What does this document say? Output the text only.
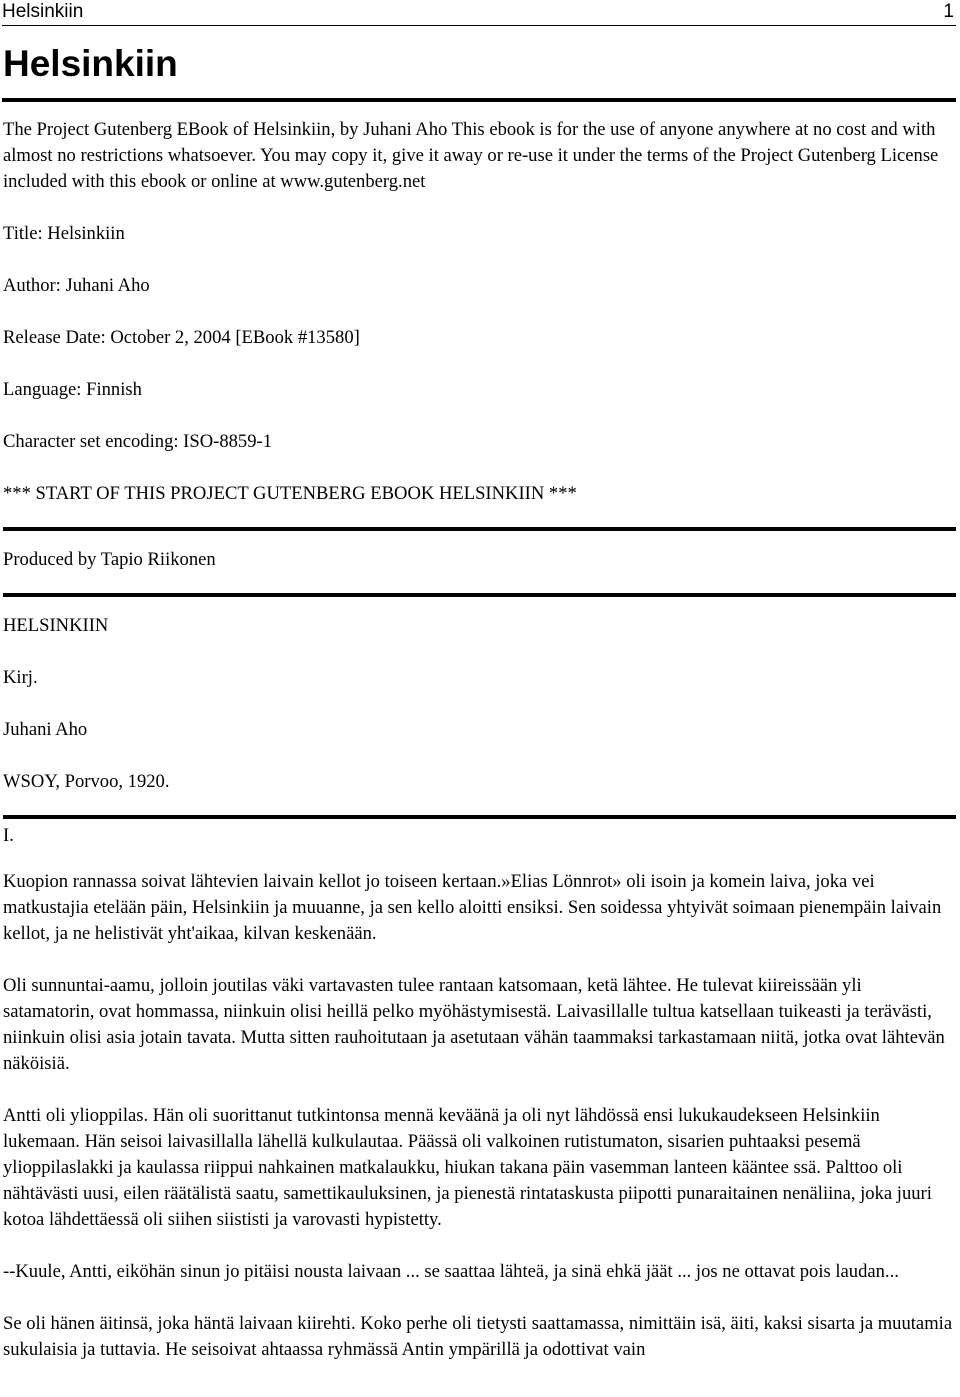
Helsinkiin	1
Helsinkiin
The Project Gutenberg EBook of Helsinkiin, by Juhani Aho This ebook is for the use of anyone anywhere at no cost and with almost no restrictions whatsoever. You may copy it, give it away or re-use it under the terms of the Project Gutenberg License included with this ebook or online at www.gutenberg.net
Title: Helsinkiin
Author: Juhani Aho
Release Date: October 2, 2004 [EBook #13580]
Language: Finnish
Character set encoding: ISO-8859-1
*** START OF THIS PROJECT GUTENBERG EBOOK HELSINKIIN ***
Produced by Tapio Riikonen
HELSINKIIN
Kirj.
Juhani Aho
WSOY, Porvoo, 1920.
I.
Kuopion rannassa soivat lähtevien laivain kellot jo toiseen kertaan.»Elias Lönnrot» oli isoin ja komein laiva, joka vei matkustajia etelään päin, Helsinkiin ja muuanne, ja sen kello aloitti ensiksi. Sen soidessa yhtyivät soimaan pienempäin laivain kellot, ja ne helistivät yht'aikaa, kilvan keskenään.
Oli sunnuntai-aamu, jolloin joutilas väki vartavasten tulee rantaan katsomaan, ketä lähtee. He tulevat kiireissään yli satamatorin, ovat hommassa, niinkuin olisi heillä pelko myöhästymisestä. Laivasillalle tultua katsellaan tuikeasti ja terävästi, niinkuin olisi asia jotain tavata. Mutta sitten rauhoitutaan ja asetutaan vähän taammaksi tarkastamaan niitä, jotka ovat lähtevän näköisiä.
Antti oli ylioppilas. Hän oli suorittanut tutkintonsa mennä keväänä ja oli nyt lähdössä ensi lukukaudekseen Helsinkiin lukemaan. Hän seisoi laivasillalla lähellä kulkulautaa. Päässä oli valkoinen rutistumaton, sisarien puhtaaksi pesemä ylioppilaslakki ja kaulassa riippui nahkainen matkalaukku, hiukan takana päin vasemman lanteen kääntee ssä. Palttoo oli nähtävästi uusi, eilen räätälistä saatu, samettikauluksinen, ja pienestä rintataskusta piipotti punaraitainen nenäliina, joka juuri kotoa lähdettäessä oli siihen siististi ja varovasti hypistetty.
--Kuule, Antti, eiköhän sinun jo pitäisi nousta laivaan ... se saattaa lähteä, ja sinä ehkä jäät ... jos ne ottavat pois laudan...
Se oli hänen äitinsä, joka häntä laivaan kiirehti. Koko perhe oli tietysti saattamassa, nimittäin isä, äiti, kaksi sisarta ja muutamia sukulaisia ja tuttavia. He seisoivat ahtaassa ryhmässä Antin ympärillä ja odottivat vain
